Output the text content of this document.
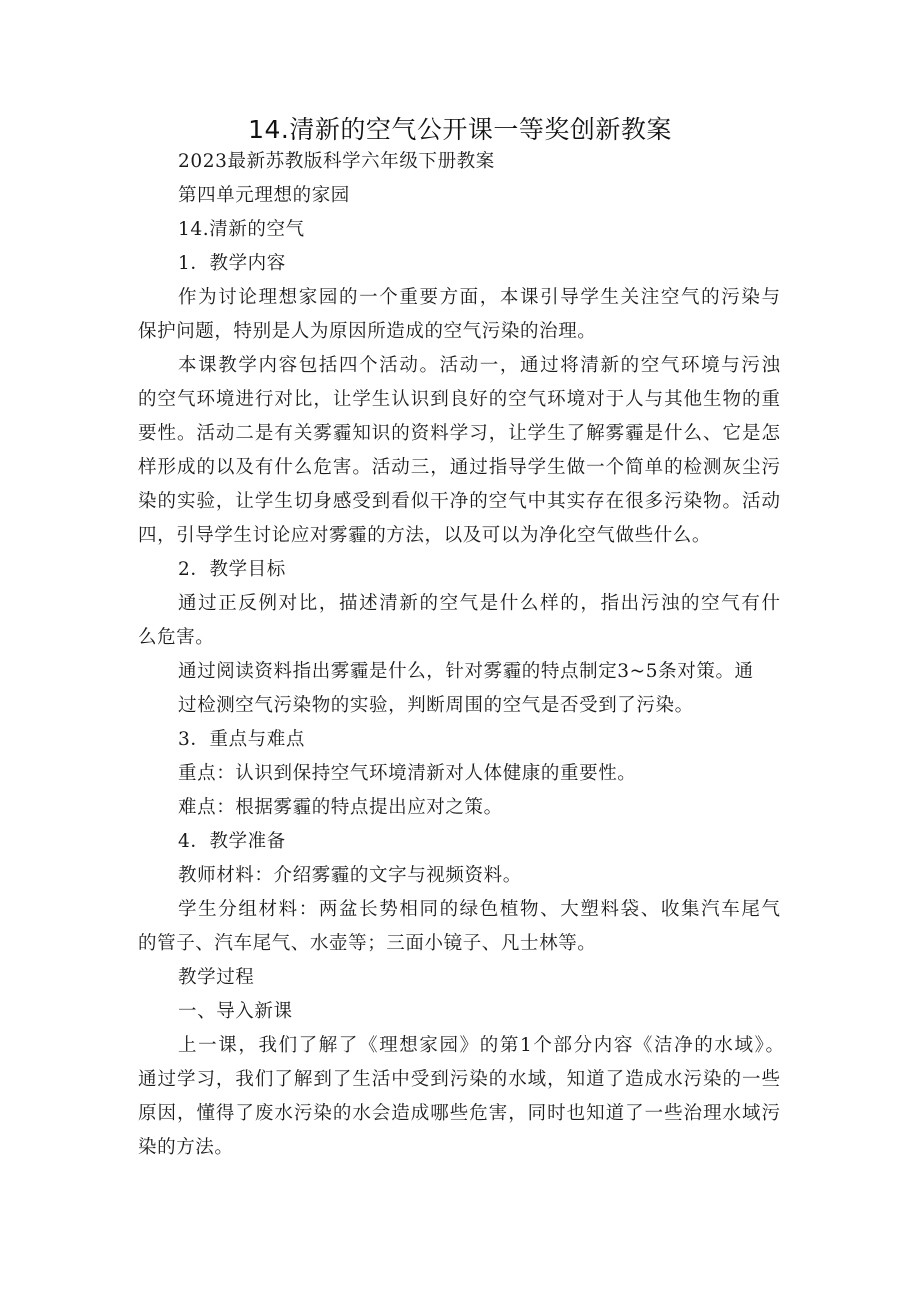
14.清新的空气公开课一等奖创新教案
2023最新苏教版科学六年级下册教案
第四单元理想的家园
14.清新的空气
1．教学内容
作为讨论理想家园的一个重要方面，本课引导学生关注空气的污染与
保护问题，特别是人为原因所造成的空气污染的治理。
本课教学内容包括四个活动。活动一，通过将清新的空气环境与污浊
的空气环境进行对比，让学生认识到良好的空气环境对于人与其他生物的重
要性。活动二是有关雾霾知识的资料学习，让学生了解雾霾是什么、它是怎
样形成的以及有什么危害。活动三，通过指导学生做一个简单的检测灰尘污
染的实验，让学生切身感受到看似干净的空气中其实存在很多污染物。活动
四，引导学生讨论应对雾霾的方法，以及可以为净化空气做些什么。
2．教学目标
通过正反例对比，描述清新的空气是什么样的，指出污浊的空气有什
么危害。
通过阅读资料指出雾霾是什么，针对雾霾的特点制定3~5条对策。通
过检测空气污染物的实验，判断周围的空气是否受到了污染。
3．重点与难点
重点：认识到保持空气环境清新对人体健康的重要性。
难点：根据雾霾的特点提出应对之策。
4．教学准备
教师材料：介绍雾霾的文字与视频资料。
学生分组材料：两盆长势相同的绿色植物、大塑料袋、收集汽车尾气
的管子、汽车尾气、水壶等；三面小镜子、凡士林等。
教学过程
一、导入新课
上一课，我们了解了《理想家园》的第1个部分内容《洁净的水域》。
通过学习，我们了解到了生活中受到污染的水域，知道了造成水污染的一些
原因，懂得了废水污染的水会造成哪些危害，同时也知道了一些治理水域污
染的方法。
